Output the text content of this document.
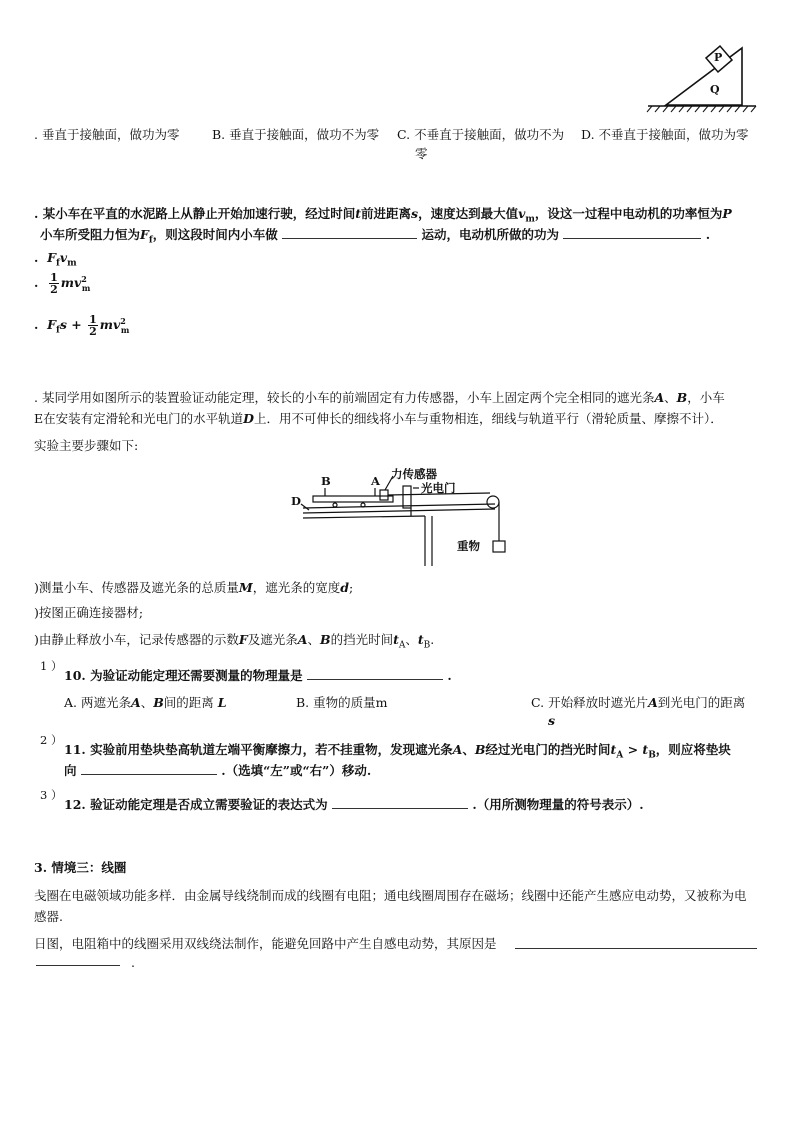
P
Q
. 垂直于接触面，做功为零	B. 垂直于接触面，做功不为零 C. 不垂直于接触面，做功不为 D. 不垂直于接触面，做功为零
零
. 某小车在平直的水泥路上从静止开始加速行驶，经过时间t前进距离s，速度达到最大值$v_m$，设这一过程中电动机的功率恒为P
小车所受阻力恒为$F_f$，则这段时间内小车做	运动，电动机所做的功为	.
. $F_fv_m$
. $\frac{1}{2} mv^2_m$
. $F_fs + \frac{1}{2} mv^2_m$
. 某同学用如图所示的装置验证动能定理，较长的小车的前端固定有力传感器，小车上固定两个完全相同的遮光条A、B，小车
E在安装有定滑轮和光电门的水平轨道D上．用不可伸长的细线将小车与重物相连，细线与轨道平行（滑轮质量、摩擦不计）．
实验主要步骤如下:
B	A 力传感器
光电门
D
重物
)测量小车、传感器及遮光条的总质量M，遮光条的宽度d;
)按图正确连接器材;
)由静止释放小车，记录传感器的示数F及遮光条A、B的挡光时间$t_A$、$t_B$.
1 ）
10. 为验证动能定理还需要测量的物理量是	.
A. 两遮光条A、B间的距离 L	B. 重物的质量m	C. 开始释放时遮光片A到光电门的距离
s
2 ）
11. 实验前用垫块垫高轨道左端平衡摩擦力，若不挂重物，发现遮光条A、B经过光电门的挡光时间$t_A > t_B$，则应将垫块
向	.（选填“左”或“右”）移动.
3 ）
12. 验证动能定理是否成立需要验证的表达式为	.（用所测物理量的符号表示）.
3. 情境三：线圈
戋圈在电磁领域功能多样．由金属导线绕制而成的线圈有电阻；通电线圈周围存在磁场；线圈中还能产生感应电动势，又被称为电
感器.
日图，电阻箱中的线圈采用双线绕法制作，能避免回路中产生自感电动势，其原因是
.
